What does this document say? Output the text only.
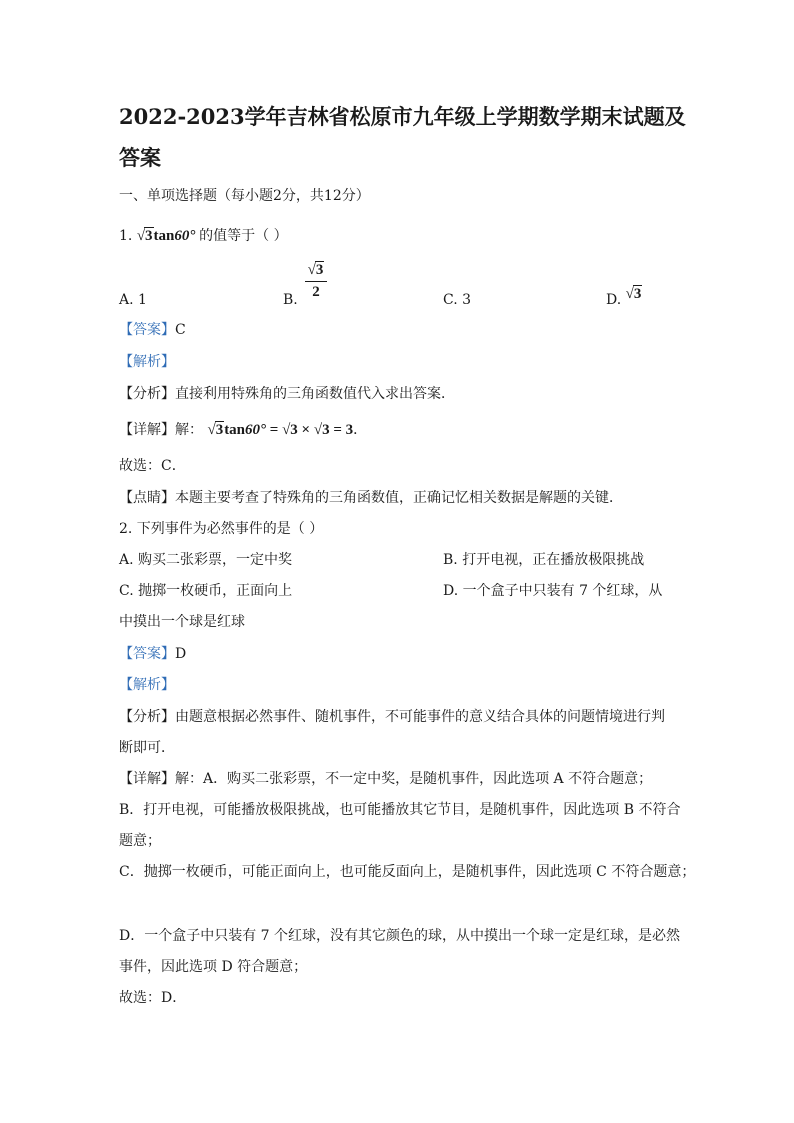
2022-2023学年吉林省松原市九年级上学期数学期末试题及
答案
一、单项选择题（每小题2分，共12分）
1. √3tan60° 的值等于（ ）
A. 1	B.
√3
2	C. 3	D. √3
【答案】C
【解析】
【分析】直接利用特殊角的三角函数值代入求出答案．
【详解】解： √3tan60° = √3 × √3 = 3．
故选：C．
【点睛】本题主要考查了特殊角的三角函数值，正确记忆相关数据是解题的关键．
2. 下列事件为必然事件的是（ ）
A. 购买二张彩票，一定中奖	B. 打开电视，正在播放极限挑战
C. 抛掷一枚硬币，正面向上	D. 一个盒子中只装有 7 个红球，从
中摸出一个球是红球
【答案】D
【解析】
【分析】由题意根据必然事件、随机事件，不可能事件的意义结合具体的问题情境进行判
断即可．
【详解】解：A．购买二张彩票，不一定中奖，是随机事件，因此选项 A 不符合题意；
B．打开电视，可能播放极限挑战，也可能播放其它节目，是随机事件，因此选项 B 不符合
题意；
C．抛掷一枚硬币，可能正面向上，也可能反面向上，是随机事件，因此选项 C 不符合题意；
D．一个盒子中只装有 7 个红球，没有其它颜色的球，从中摸出一个球一定是红球，是必然
事件，因此选项 D 符合题意；
故选：D．
